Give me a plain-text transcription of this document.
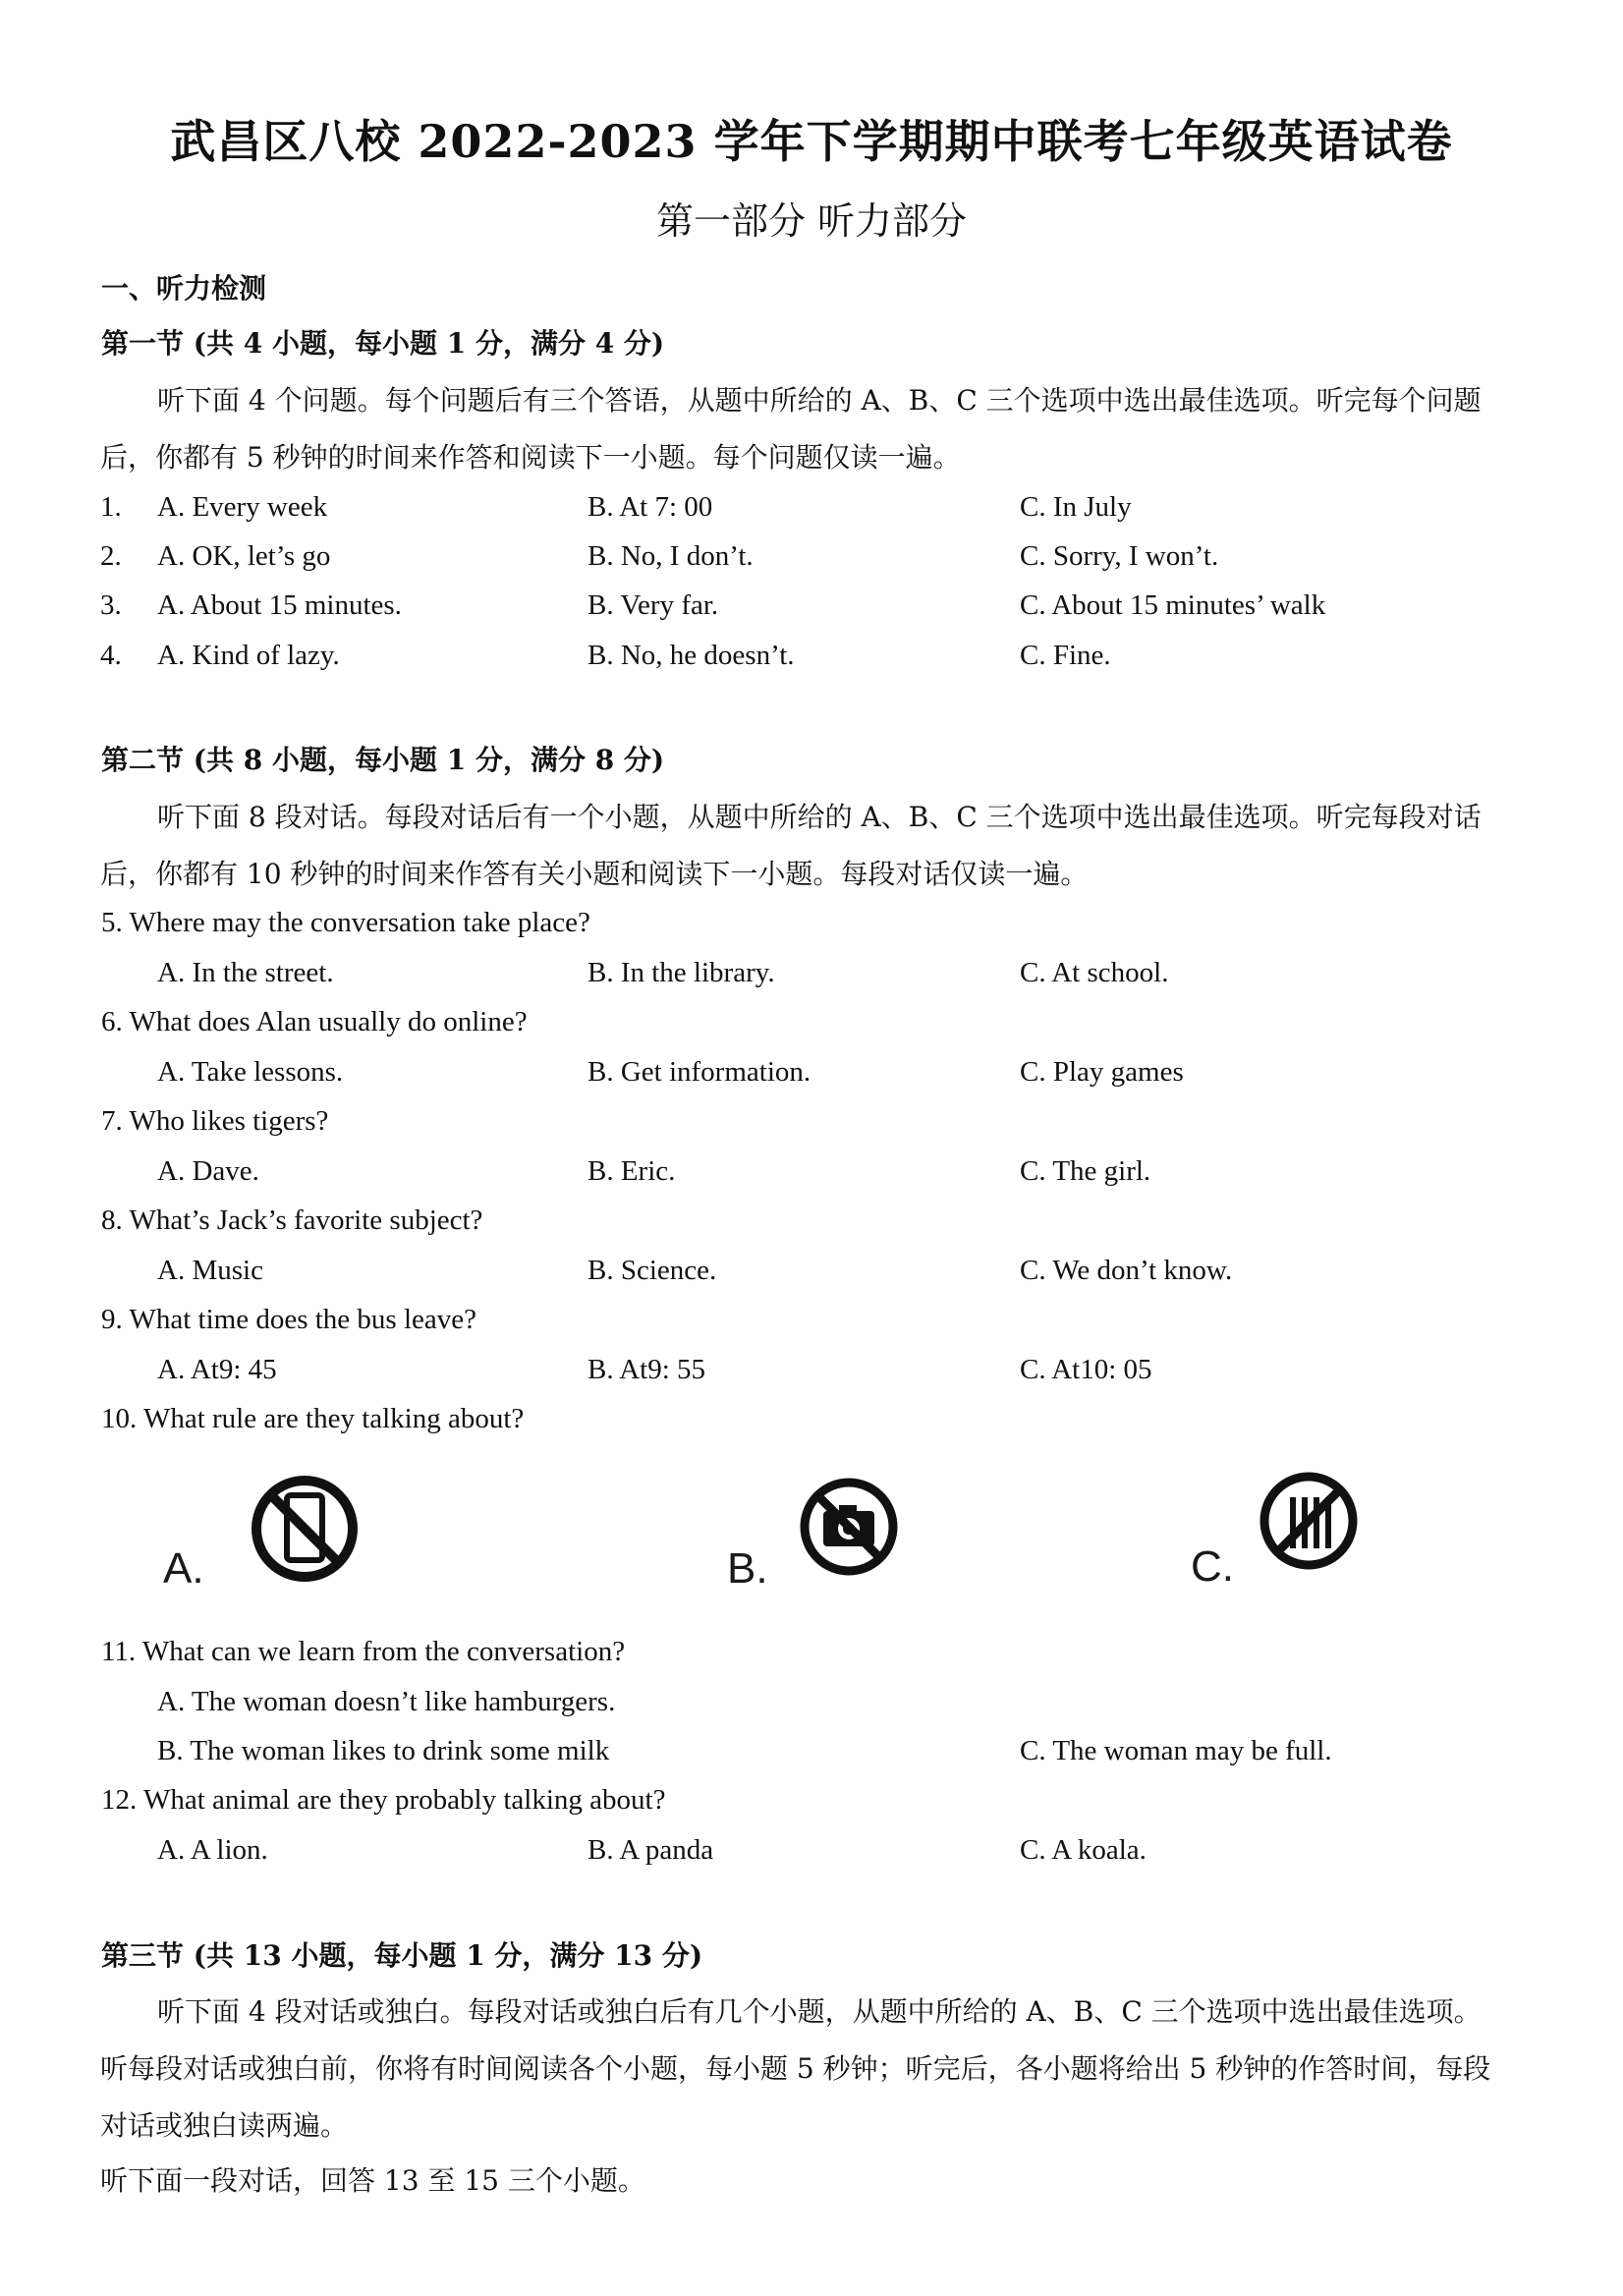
武昌区八校 2022-2023 学年下学期期中联考七年级英语试卷
第一部分 听力部分
一、听力检测
第一节 (共 4 小题，每小题 1 分，满分 4 分)
听下面 4 个问题。每个问题后有三个答语，从题中所给的 A、B、C 三个选项中选出最佳选项。听完每个问题
后，你都有 5 秒钟的时间来作答和阅读下一小题。每个问题仅读一遍。
1. A. Every week	B. At 7: 00	C. In July
2. A. OK, let’s go	B. No, I don’t.	C. Sorry, I won’t.
3. A. About 15 minutes.	B. Very far.	C. About 15 minutes’ walk
4. A. Kind of lazy.	B. No, he doesn’t.	C. Fine.
第二节 (共 8 小题，每小题 1 分，满分 8 分)
听下面 8 段对话。每段对话后有一个小题，从题中所给的 A、B、C 三个选项中选出最佳选项。听完每段对话
后，你都有 10 秒钟的时间来作答有关小题和阅读下一小题。每段对话仅读一遍。
5. Where may the conversation take place?
A. In the street.	B. In the library.	C. At school.
6. What does Alan usually do online?
A. Take lessons.	B. Get information.	C. Play games
7. Who likes tigers?
A. Dave.	B. Eric.	C. The girl.
8. What’s Jack’s favorite subject?
A. Music	B. Science.	C. We don’t know.
9. What time does the bus leave?
A. At9: 45	B. At9: 55	C. At10: 05
10. What rule are they talking about?
A.	B.	C.
11. What can we learn from the conversation?
A. The woman doesn’t like hamburgers.
B. The woman likes to drink some milk	C. The woman may be full.
12. What animal are they probably talking about?
A. A lion.	B. A panda	C. A koala.
第三节 (共 13 小题，每小题 1 分，满分 13 分)
听下面 4 段对话或独白。每段对话或独白后有几个小题，从题中所给的 A、B、C 三个选项中选出最佳选项。
听每段对话或独白前，你将有时间阅读各个小题，每小题 5 秒钟；听完后，各小题将给出 5 秒钟的作答时间，每段
对话或独白读两遍。
听下面一段对话，回答 13 至 15 三个小题。
